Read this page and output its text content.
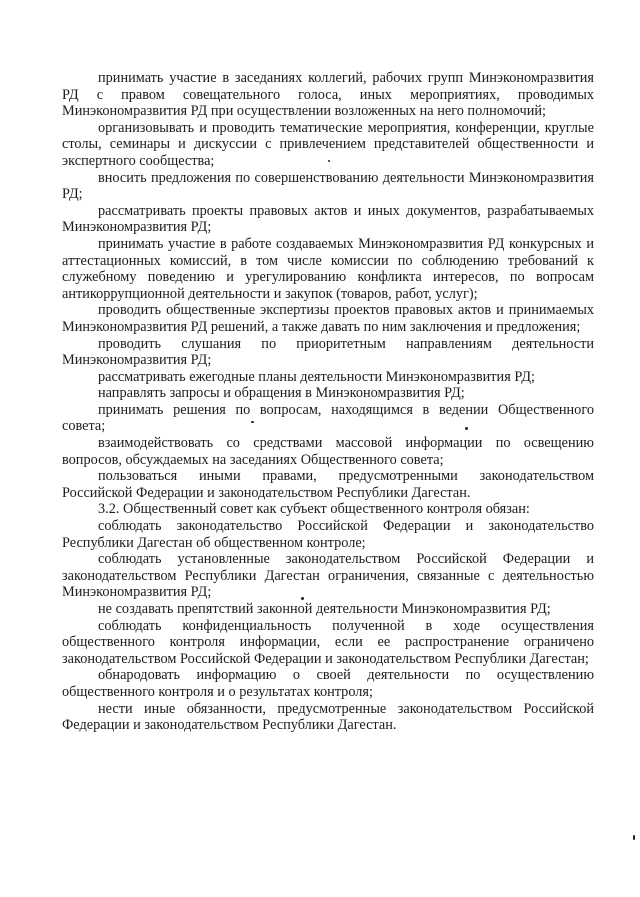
принимать участие в заседаниях коллегий, рабочих групп Минэкономразвития РД с правом совещательного голоса, иных мероприятиях, проводимых Минэкономразвития РД при осуществлении возложенных на него полномочий;

организовывать и проводить тематические мероприятия, конференции, круглые столы, семинары и дискуссии с привлечением представителей общественности и экспертного сообщества;

вносить предложения по совершенствованию деятельности Минэкономразвития РД;

рассматривать проекты правовых актов и иных документов, разрабатываемых Минэкономразвития РД;

принимать участие в работе создаваемых Минэкономразвития РД конкурсных и аттестационных комиссий, в том числе комиссии по соблюдению требований к служебному поведению и урегулированию конфликта интересов, по вопросам антикоррупционной деятельности и закупок (товаров, работ, услуг);

проводить общественные экспертизы проектов правовых актов и принимаемых Минэкономразвития РД решений, а также давать по ним заключения и предложения;

проводить слушания по приоритетным направлениям деятельности Минэкономразвития РД;

рассматривать ежегодные планы деятельности Минэкономразвития РД;

направлять запросы и обращения в Минэкономразвития РД;

принимать решения по вопросам, находящимся в ведении Общественного совета;

взаимодействовать со средствами массовой информации по освещению вопросов, обсуждаемых на заседаниях Общественного совета;

пользоваться иными правами, предусмотренными законодательством Российской Федерации и законодательством Республики Дагестан.

3.2. Общественный совет как субъект общественного контроля обязан:

соблюдать законодательство Российской Федерации и законодательство Республики Дагестан об общественном контроле;

соблюдать установленные законодательством Российской Федерации и законодательством Республики Дагестан ограничения, связанные с деятельностью Минэкономразвития РД;

не создавать препятствий законной деятельности Минэкономразвития РД;

соблюдать конфиденциальность полученной в ходе осуществления общественного контроля информации, если ее распространение ограничено законодательством Российской Федерации и законодательством Республики Дагестан;

обнародовать информацию о своей деятельности по осуществлению общественного контроля и о результатах контроля;

нести иные обязанности, предусмотренные законодательством Российской Федерации и законодательством Республики Дагестан.
